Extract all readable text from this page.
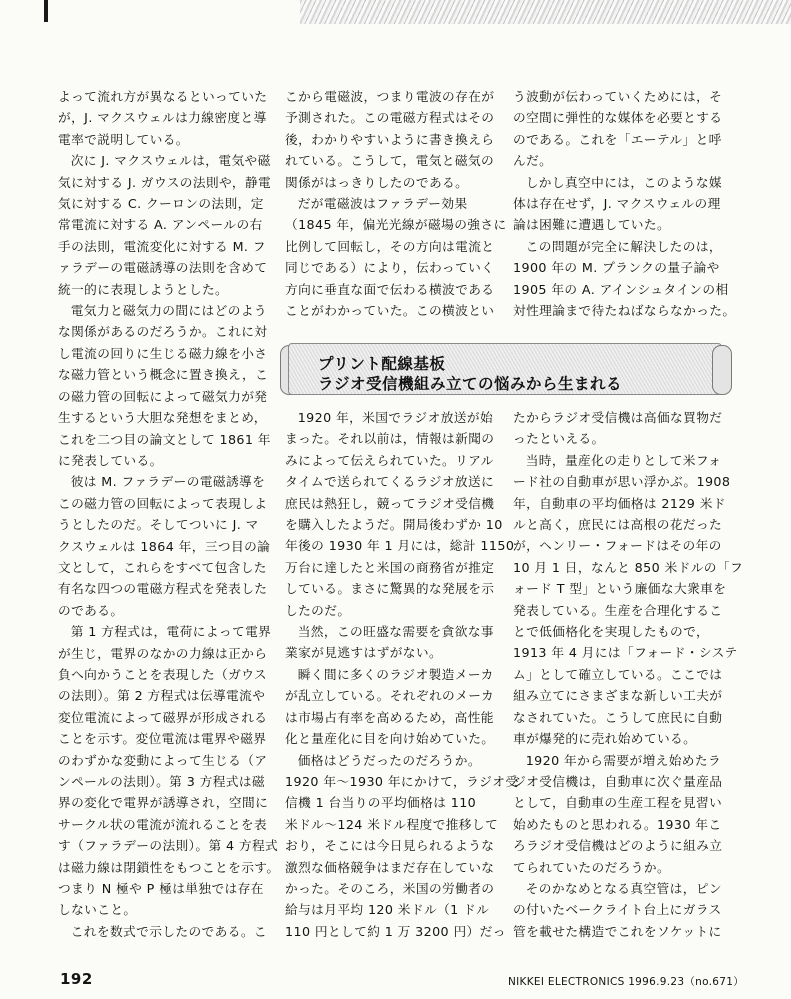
よって流れ方が異なるといっていた

が，J. マクスウェルは力線密度と導

電率で説明している。

次に J. マクスウェルは，電気や磁

気に対する J. ガウスの法則や，静電

気に対する C. クーロンの法則，定

常電流に対する A. アンペールの右

手の法則，電流変化に対する M. フ

ァラデーの電磁誘導の法則を含めて

統一的に表現しようとした。

電気力と磁気力の間にはどのよう

な関係があるのだろうか。これに対

し電流の回りに生じる磁力線を小さ

な磁力管という概念に置き換え，こ

の磁力管の回転によって磁気力が発

生するという大胆な発想をまとめ，

これを二つ目の論文として 1861 年

に発表している。

彼は M. ファラデーの電磁誘導を

この磁力管の回転によって表現しよ

うとしたのだ。そしてついに J. マ

クスウェルは 1864 年，三つ目の論

文として，これらをすべて包含した

有名な四つの電磁方程式を発表した

のである。

第 1 方程式は，電荷によって電界

が生じ，電界のなかの力線は正から

負へ向かうことを表現した（ガウス

の法則）。第 2 方程式は伝導電流や

変位電流によって磁界が形成される

ことを示す。変位電流は電界や磁界

のわずかな変動によって生じる（ア

ンペールの法則）。第 3 方程式は磁

界の変化で電界が誘導され，空間に

サークル状の電流が流れることを表

す（ファラデーの法則）。第 4 方程式

は磁力線は閉鎖性をもつことを示す。

つまり N 極や P 極は単独では存在

しないこと。

これを数式で示したのである。こ

こから電磁波，つまり電波の存在が

予測された。この電磁方程式はその

後，わかりやすいように書き換えら

れている。こうして，電気と磁気の

関係がはっきりしたのである。

だが電磁波はファラデー効果

（1845 年，偏光光線が磁場の強さに

比例して回転し，その方向は電流と

同じである）により，伝わっていく

方向に垂直な面で伝わる横波である

ことがわかっていた。この横波とい

う波動が伝わっていくためには，そ

の空間に弾性的な媒体を必要とする

のである。これを「エーテル」と呼

んだ。

しかし真空中には，このような媒

体は存在せず，J. マクスウェルの理

論は困難に遭遇していた。

この問題が完全に解決したのは，

1900 年の M. プランクの量子論や

1905 年の A. アインシュタインの相

対性理論まで待たねばならなかった。

プリント配線基板
ラジオ受信機組み立ての悩みから生まれる

1920 年，米国でラジオ放送が始

まった。それ以前は，情報は新聞の

みによって伝えられていた。リアル

タイムで送られてくるラジオ放送に

庶民は熱狂し，競ってラジオ受信機

を購入したようだ。開局後わずか 10

年後の 1930 年 1 月には，総計 1150

万台に達したと米国の商務省が推定

している。まさに驚異的な発展を示

したのだ。

当然，この旺盛な需要を貪欲な事

業家が見逃すはずがない。

瞬く間に多くのラジオ製造メーカ

が乱立している。それぞれのメーカ

は市場占有率を高めるため，高性能

化と量産化に目を向け始めていた。

価格はどうだったのだろうか。

1920 年〜1930 年にかけて，ラジオ受

信機 1 台当りの平均価格は 110

米ドル〜124 米ドル程度で推移して

おり，そこには今日見られるような

激烈な価格競争はまだ存在していな

かった。そのころ，米国の労働者の

給与は月平均 120 米ドル（1 ドル

110 円として約 1 万 3200 円）だっ

たからラジオ受信機は高価な買物だ

ったといえる。

当時，量産化の走りとして米フォ

ード社の自動車が思い浮かぶ。1908

年，自動車の平均価格は 2129 米ド

ルと高く，庶民には高根の花だった

が，ヘンリー・フォードはその年の

10 月 1 日，なんと 850 米ドルの「フ

ォード T 型」という廉価な大衆車を

発表している。生産を合理化するこ

とで低価格化を実現したもので，

1913 年 4 月には「フォード・システ

ム」として確立している。ここでは

組み立てにさまざまな新しい工夫が

なされていた。こうして庶民に自動

車が爆発的に売れ始めている。

1920 年から需要が増え始めたラ

ジオ受信機は，自動車に次ぐ量産品

として，自動車の生産工程を見習い

始めたものと思われる。1930 年こ

ろラジオ受信機はどのように組み立

てられていたのだろうか。

そのかなめとなる真空管は，ピン

の付いたベークライト台上にガラス

管を載せた構造でこれをソケットに

192	NIKKEI ELECTRONICS 1996.9.23（no.671）
